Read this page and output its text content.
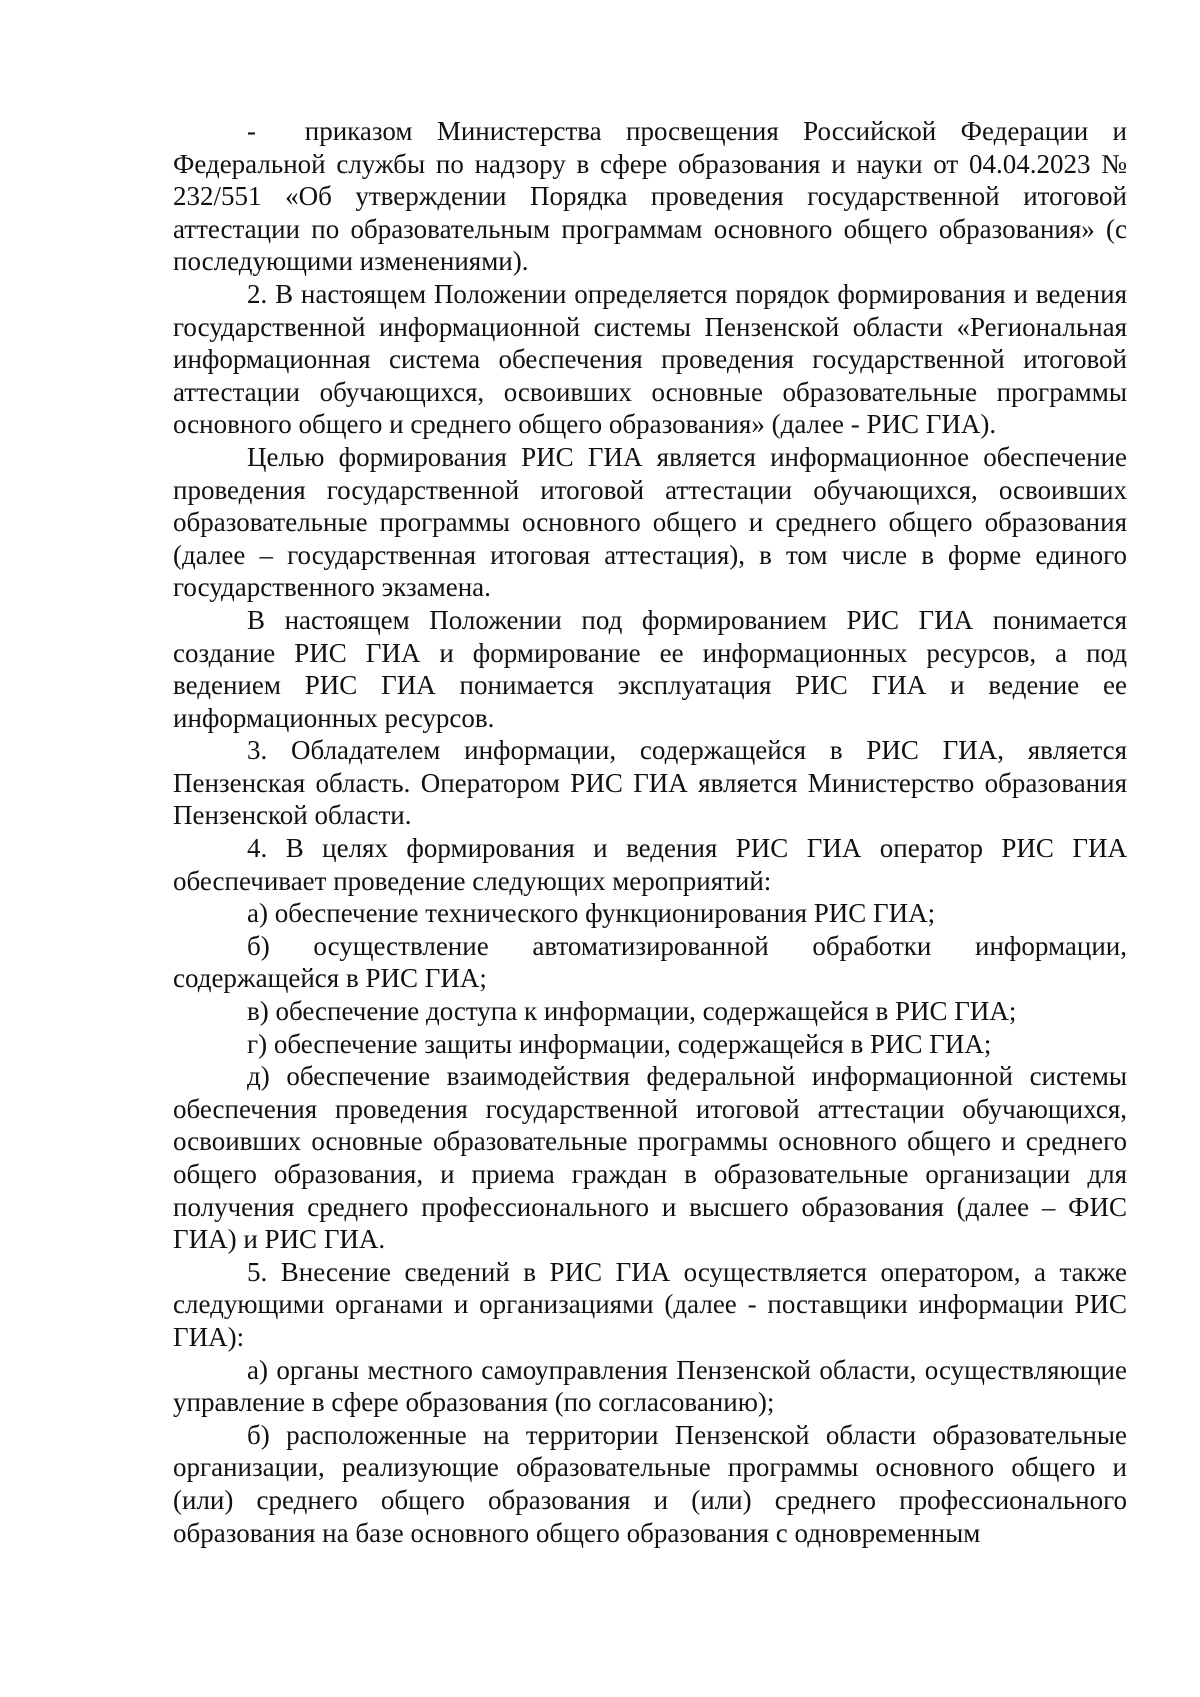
-  приказом Министерства просвещения Российской Федерации и Федеральной службы по надзору в сфере образования и науки от 04.04.2023 № 232/551 «Об утверждении Порядка проведения государственной итоговой аттестации по образовательным программам основного общего образования» (с последующими изменениями).

2. В настоящем Положении определяется порядок формирования и ведения государственной информационной системы Пензенской области «Региональная информационная система обеспечения проведения государственной итоговой аттестации обучающихся, освоивших основные образовательные программы основного общего и среднего общего образования» (далее - РИС ГИА).

Целью формирования РИС ГИА является информационное обеспечение проведения государственной итоговой аттестации обучающихся, освоивших образовательные программы основного общего и среднего общего образования (далее – государственная итоговая аттестация), в том числе в форме единого государственного экзамена.

В настоящем Положении под формированием РИС ГИА понимается создание РИС ГИА и формирование ее информационных ресурсов, а под ведением РИС ГИА понимается эксплуатация РИС ГИА и ведение ее информационных ресурсов.

3. Обладателем информации, содержащейся в РИС ГИА, является Пензенская область. Оператором РИС ГИА является Министерство образования Пензенской области.

4. В целях формирования и ведения РИС ГИА оператор РИС ГИА обеспечивает проведение следующих мероприятий:

а) обеспечение технического функционирования РИС ГИА;

б) осуществление автоматизированной обработки информации, содержащейся в РИС ГИА;

в) обеспечение доступа к информации, содержащейся в РИС ГИА;

г) обеспечение защиты информации, содержащейся в РИС ГИА;

д) обеспечение взаимодействия федеральной информационной системы обеспечения проведения государственной итоговой аттестации обучающихся, освоивших основные образовательные программы основного общего и среднего общего образования, и приема граждан в образовательные организации для получения среднего профессионального и высшего образования (далее – ФИС ГИА) и РИС ГИА.

5. Внесение сведений в РИС ГИА осуществляется оператором, а также следующими органами и организациями (далее - поставщики информации РИС ГИА):

а) органы местного самоуправления Пензенской области, осуществляющие управление в сфере образования (по согласованию);

б) расположенные на территории Пензенской области образовательные организации, реализующие образовательные программы основного общего и (или) среднего общего образования и (или) среднего профессионального образования на базе основного общего образования с одновременным
